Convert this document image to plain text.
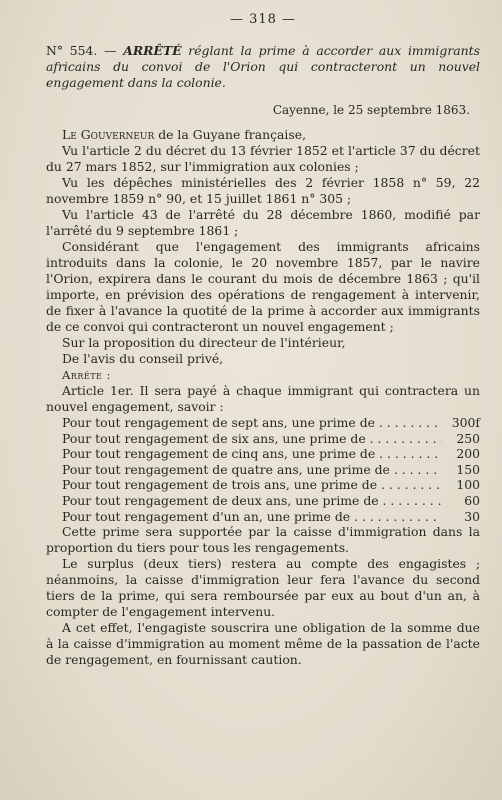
— 318 —
N° 554. — ARRÊTÉ réglant la prime à accorder aux immigrants africains du convoi de l'Orion qui contracteront un nouvel engagement dans la colonie.
Cayenne, le 25 septembre 1863.

Le Gouverneur de la Guyane française,

Vu l'article 2 du décret du 13 février 1852 et l'article 37 du décret du 27 mars 1852, sur l'immigration aux colonies ;

Vu les dépêches ministérielles des 2 février 1858 n° 59, 22 novembre 1859 n° 90, et 15 juillet 1861 n° 305 ;

Vu l'article 43 de l'arrêté du 28 décembre 1860, modifié par l'arrêté du 9 septembre 1861 ;

Considérant que l'engagement des immigrants africains introduits dans la colonie, le 20 novembre 1857, par le navire l'Orion, expirera dans le courant du mois de décembre 1863 ; qu'il importe, en prévision des opérations de rengagement à intervenir, de fixer à l'avance la quotité de la prime à accorder aux immigrants de ce convoi qui contracteront un nouvel engagement ;

Sur la proposition du directeur de l'intérieur,

De l'avis du conseil privé,

Arrête :

Article 1er. Il sera payé à chaque immigrant qui contractera un nouvel engagement, savoir :

Pour tout rengagement de sept ans, une prime de . . .	300f
Pour tout rengagement de six ans, une prime de . . .	250
Pour tout rengagement de cinq ans, une prime de . . .	200
Pour tout rengagement de quatre ans, une prime de . . .	150
Pour tout rengagement de trois ans, une prime de . . .	100
Pour tout rengagement de deux ans, une prime de . . .	60
Pour tout rengagement d'un an, une prime de . . .	30

Cette prime sera supportée par la caisse d'immigration dans la proportion du tiers pour tous les rengagements.

Le surplus (deux tiers) restera au compte des engagistes ; néanmoins, la caisse d'immigration leur fera l'avance du second tiers de la prime, qui sera remboursée par eux au bout d'un an, à compter de l'engagement intervenu.

A cet effet, l'engagiste souscrira une obligation de la somme due à la caisse d'immigration au moment même de la passation de l'acte de rengagement, en fournissant caution.
